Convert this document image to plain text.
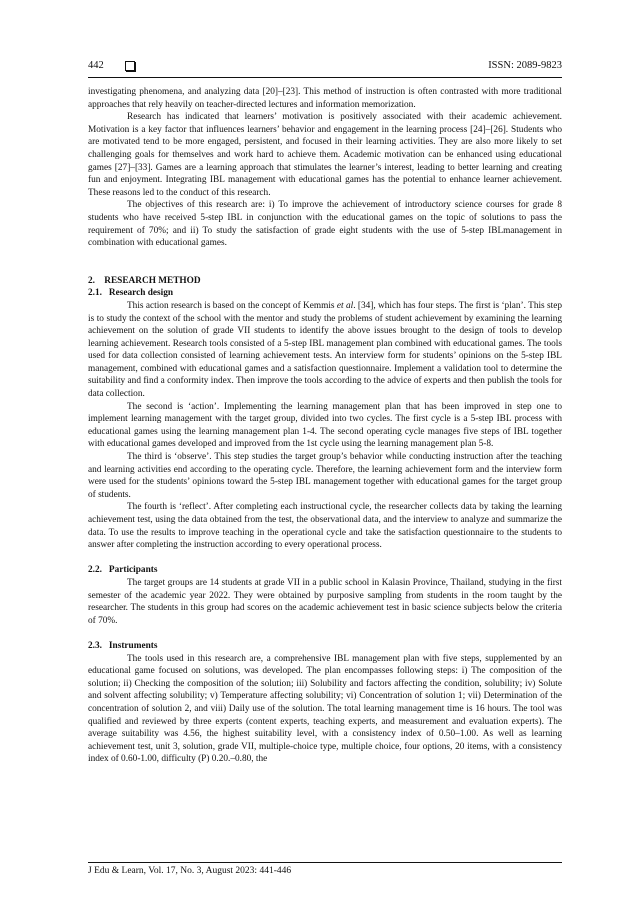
442	ISSN: 2089-9823

investigating phenomena, and analyzing data [20]–[23]. This method of instruction is often contrasted with more traditional approaches that rely heavily on teacher-directed lectures and information memorization.

Research has indicated that learners’ motivation is positively associated with their academic achievement. Motivation is a key factor that influences learners’ behavior and engagement in the learning process [24]–[26]. Students who are motivated tend to be more engaged, persistent, and focused in their learning activities. They are also more likely to set challenging goals for themselves and work hard to achieve them. Academic motivation can be enhanced using educational games [27]–[33]. Games are a learning approach that stimulates the learner’s interest, leading to better learning and creating fun and enjoyment. Integrating IBL management with educational games has the potential to enhance learner achievement. These reasons led to the conduct of this research.

The objectives of this research are: i) To improve the achievement of introductory science courses for grade 8 students who have received 5-step IBL in conjunction with the educational games on the topic of solutions to pass the requirement of 70%; and ii) To study the satisfaction of grade eight students with the use of 5-step IBLmanagement in combination with educational games.

2.    RESEARCH METHOD

2.1.   Research design

This action research is based on the concept of Kemmis et al. [34], which has four steps. The first is ‘plan’. This step is to study the context of the school with the mentor and study the problems of student achievement by examining the learning achievement on the solution of grade VII students to identify the above issues brought to the design of tools to develop learning achievement. Research tools consisted of a 5-step IBL management plan combined with educational games. The tools used for data collection consisted of learning achievement tests. An interview form for students’ opinions on the 5-step IBL management, combined with educational games and a satisfaction questionnaire. Implement a validation tool to determine the suitability and find a conformity index. Then improve the tools according to the advice of experts and then publish the tools for data collection.

The second is ‘action’. Implementing the learning management plan that has been improved in step one to implement learning management with the target group, divided into two cycles. The first cycle is a 5-step IBL process with educational games using the learning management plan 1-4. The second operating cycle manages five steps of IBL together with educational games developed and improved from the 1st cycle using the learning management plan 5-8.

The third is ‘observe’. This step studies the target group’s behavior while conducting instruction after the teaching and learning activities end according to the operating cycle. Therefore, the learning achievement form and the interview form were used for the students’ opinions toward the 5-step IBL management together with educational games for the target group of students.

The fourth is ‘reflect’. After completing each instructional cycle, the researcher collects data by taking the learning achievement test, using the data obtained from the test, the observational data, and the interview to analyze and summarize the data. To use the results to improve teaching in the operational cycle and take the satisfaction questionnaire to the students to answer after completing the instruction according to every operational process.

2.2.   Participants

The target groups are 14 students at grade VII in a public school in Kalasin Province, Thailand, studying in the first semester of the academic year 2022. They were obtained by purposive sampling from students in the room taught by the researcher. The students in this group had scores on the academic achievement test in basic science subjects below the criteria of 70%.

2.3.   Instruments

The tools used in this research are, a comprehensive IBL management plan with five steps, supplemented by an educational game focused on solutions, was developed. The plan encompasses following steps: i) The composition of the solution; ii) Checking the composition of the solution; iii) Solubility and factors affecting the condition, solubility; iv) Solute and solvent affecting solubility; v) Temperature affecting solubility; vi) Concentration of solution 1; vii) Determination of the concentration of solution 2, and viii) Daily use of the solution. The total learning management time is 16 hours. The tool was qualified and reviewed by three experts (content experts, teaching experts, and measurement and evaluation experts). The average suitability was 4.56, the highest suitability level, with a consistency index of 0.50–1.00. As well as learning achievement test, unit 3, solution, grade VII, multiple-choice type, multiple choice, four options, 20 items, with a consistency index of 0.60-1.00, difficulty (P) 0.20.–0.80, the

J Edu & Learn, Vol. 17, No. 3, August 2023: 441-446
